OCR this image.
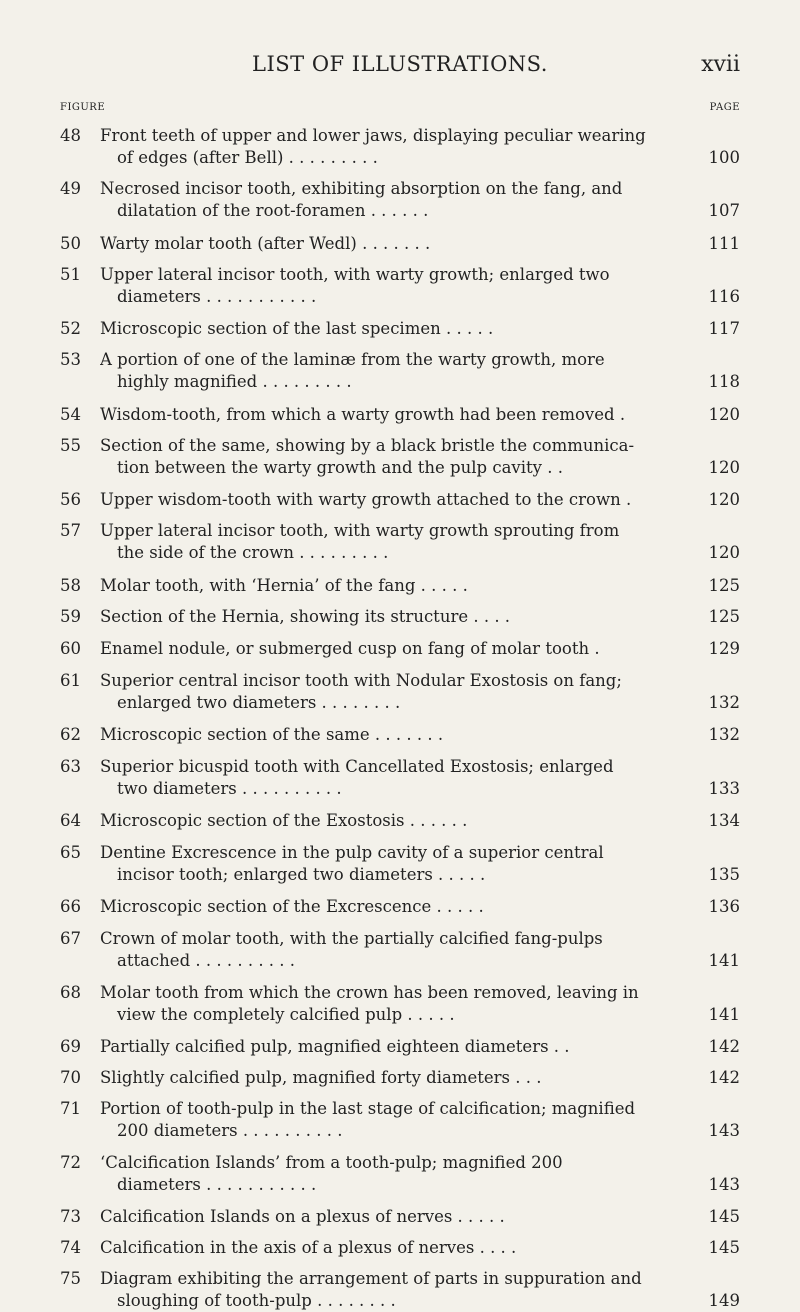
LIST OF ILLUSTRATIONS.	xvii
FIGURE	PAGE
48	Front teeth of upper and lower jaws, displaying peculiar wearing
of edges (after Bell) . . . . . . . . .	100
49	Necrosed incisor tooth, exhibiting absorption on the fang, and
dilatation of the root-foramen . . . . . .	107
50	Warty molar tooth (after Wedl) . . . . . . .	111
51	Upper lateral incisor tooth, with warty growth; enlarged two
diameters . . . . . . . . . . .	116
52	Microscopic section of the last specimen . . . . .	117
53	A portion of one of the laminæ from the warty growth, more
highly magnified . . . . . . . . .	118
54	Wisdom-tooth, from which a warty growth had been removed .	120
55	Section of the same, showing by a black bristle the communica-
tion between the warty growth and the pulp cavity . .	120
56	Upper wisdom-tooth with warty growth attached to the crown .	120
57	Upper lateral incisor tooth, with warty growth sprouting from
the side of the crown . . . . . . . . .	120
58	Molar tooth, with ‘Hernia’ of the fang . . . . .	125
59	Section of the Hernia, showing its structure . . . .	125
60	Enamel nodule, or submerged cusp on fang of molar tooth .	129
61	Superior central incisor tooth with Nodular Exostosis on fang;
enlarged two diameters . . . . . . . .	132
62	Microscopic section of the same . . . . . . .	132
63	Superior bicuspid tooth with Cancellated Exostosis; enlarged
two diameters . . . . . . . . . .	133
64	Microscopic section of the Exostosis . . . . . .	134
65	Dentine Excrescence in the pulp cavity of a superior central
incisor tooth; enlarged two diameters . . . . .	135
66	Microscopic section of the Excrescence . . . . .	136
67	Crown of molar tooth, with the partially calcified fang-pulps
attached . . . . . . . . . .	141
68	Molar tooth from which the crown has been removed, leaving in
view the completely calcified pulp . . . . .	141
69	Partially calcified pulp, magnified eighteen diameters . .	142
70	Slightly calcified pulp, magnified forty diameters . . .	142
71	Portion of tooth-pulp in the last stage of calcification; magnified
200 diameters . . . . . . . . . .	143
72	‘Calcification Islands’ from a tooth-pulp; magnified 200
diameters . . . . . . . . . . .	143
73	Calcification Islands on a plexus of nerves . . . . .	145
74	Calcification in the axis of a plexus of nerves . . . .	145
75	Diagram exhibiting the arrangement of parts in suppuration and
sloughing of tooth-pulp . . . . . . . .	149
